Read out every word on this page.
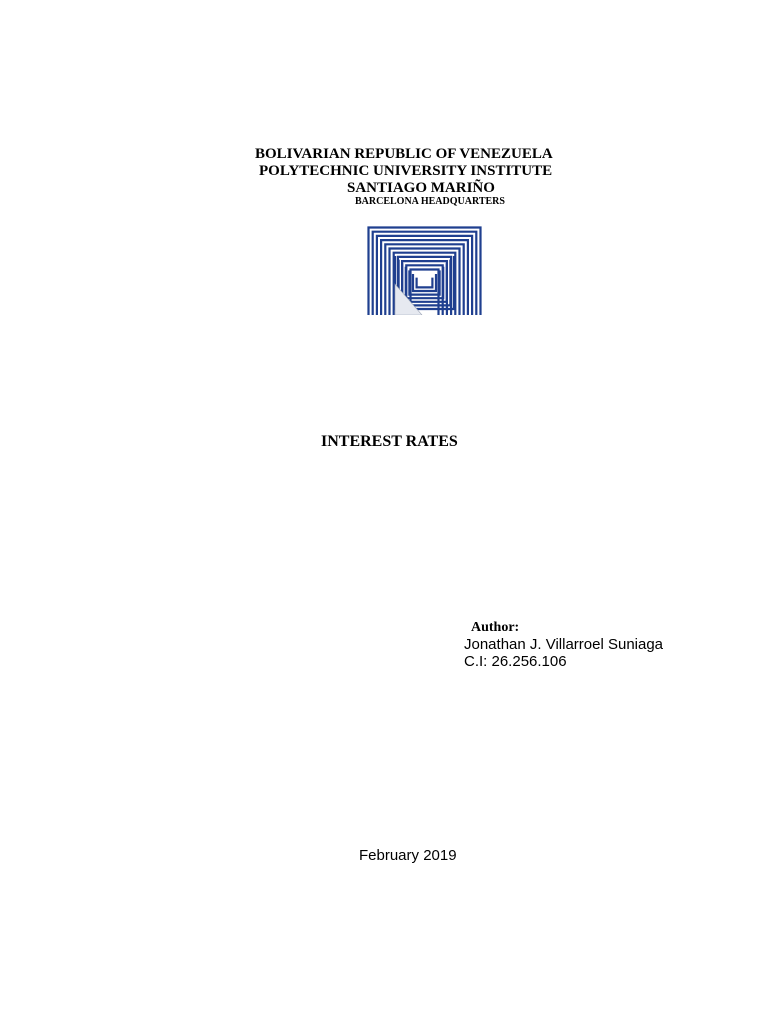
BOLIVARIAN REPUBLIC OF VENEZUELA
POLYTECHNIC UNIVERSITY INSTITUTE
SANTIAGO MARIÑO
BARCELONA HEADQUARTERS
INTEREST RATES
Author:
Jonathan J. Villarroel Suniaga
C.I: 26.256.106
February 2019
